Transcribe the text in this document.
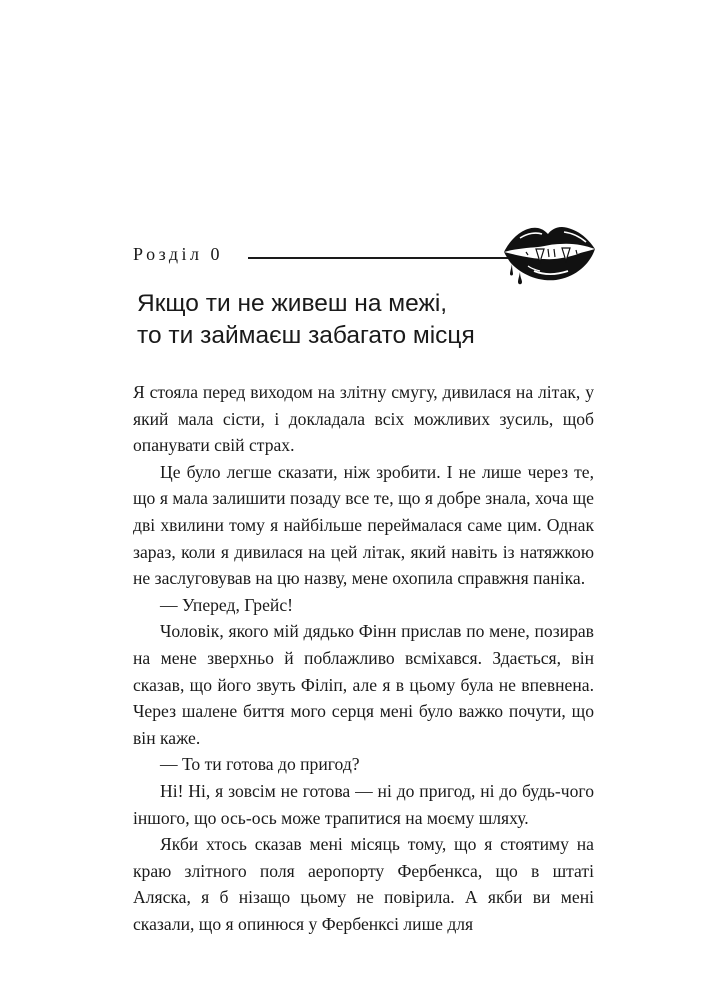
Розділ 0
Якщо ти не живеш на межі,
то ти займаєш забагато місця

Я стояла перед виходом на злітну смугу, дивилася на літак, у який мала сісти, і докладала всіх можливих зусиль, щоб опанувати свій страх.

Це було легше сказати, ніж зробити. І не лише через те, що я мала залишити позаду все те, що я добре знала, хоча ще дві хвилини тому я найбільше переймалася саме цим. Однак зараз, коли я дивилася на цей літак, який навіть із натяжкою не заслуговував на цю назву, мене охопила справжня паніка.

— Уперед, Грейс!

Чоловік, якого мій дядько Фінн прислав по мене, позирав на мене зверхньо й поблажливо всміхався. Здається, він сказав, що його звуть Філіп, але я в цьому була не впевнена. Через шалене биття мого серця мені було важко почути, що він каже.

— То ти готова до пригод?

Ні! Ні, я зовсім не готова — ні до пригод, ні до будь-чого іншого, що ось-ось може трапитися на моєму шляху.

Якби хтось сказав мені місяць тому, що я стоятиму на краю злітного поля аеропорту Фербенкса, що в штаті Аляска, я б нізащо цьому не повірила. А якби ви мені сказали, що я опинюся у Фербенксі лише для
